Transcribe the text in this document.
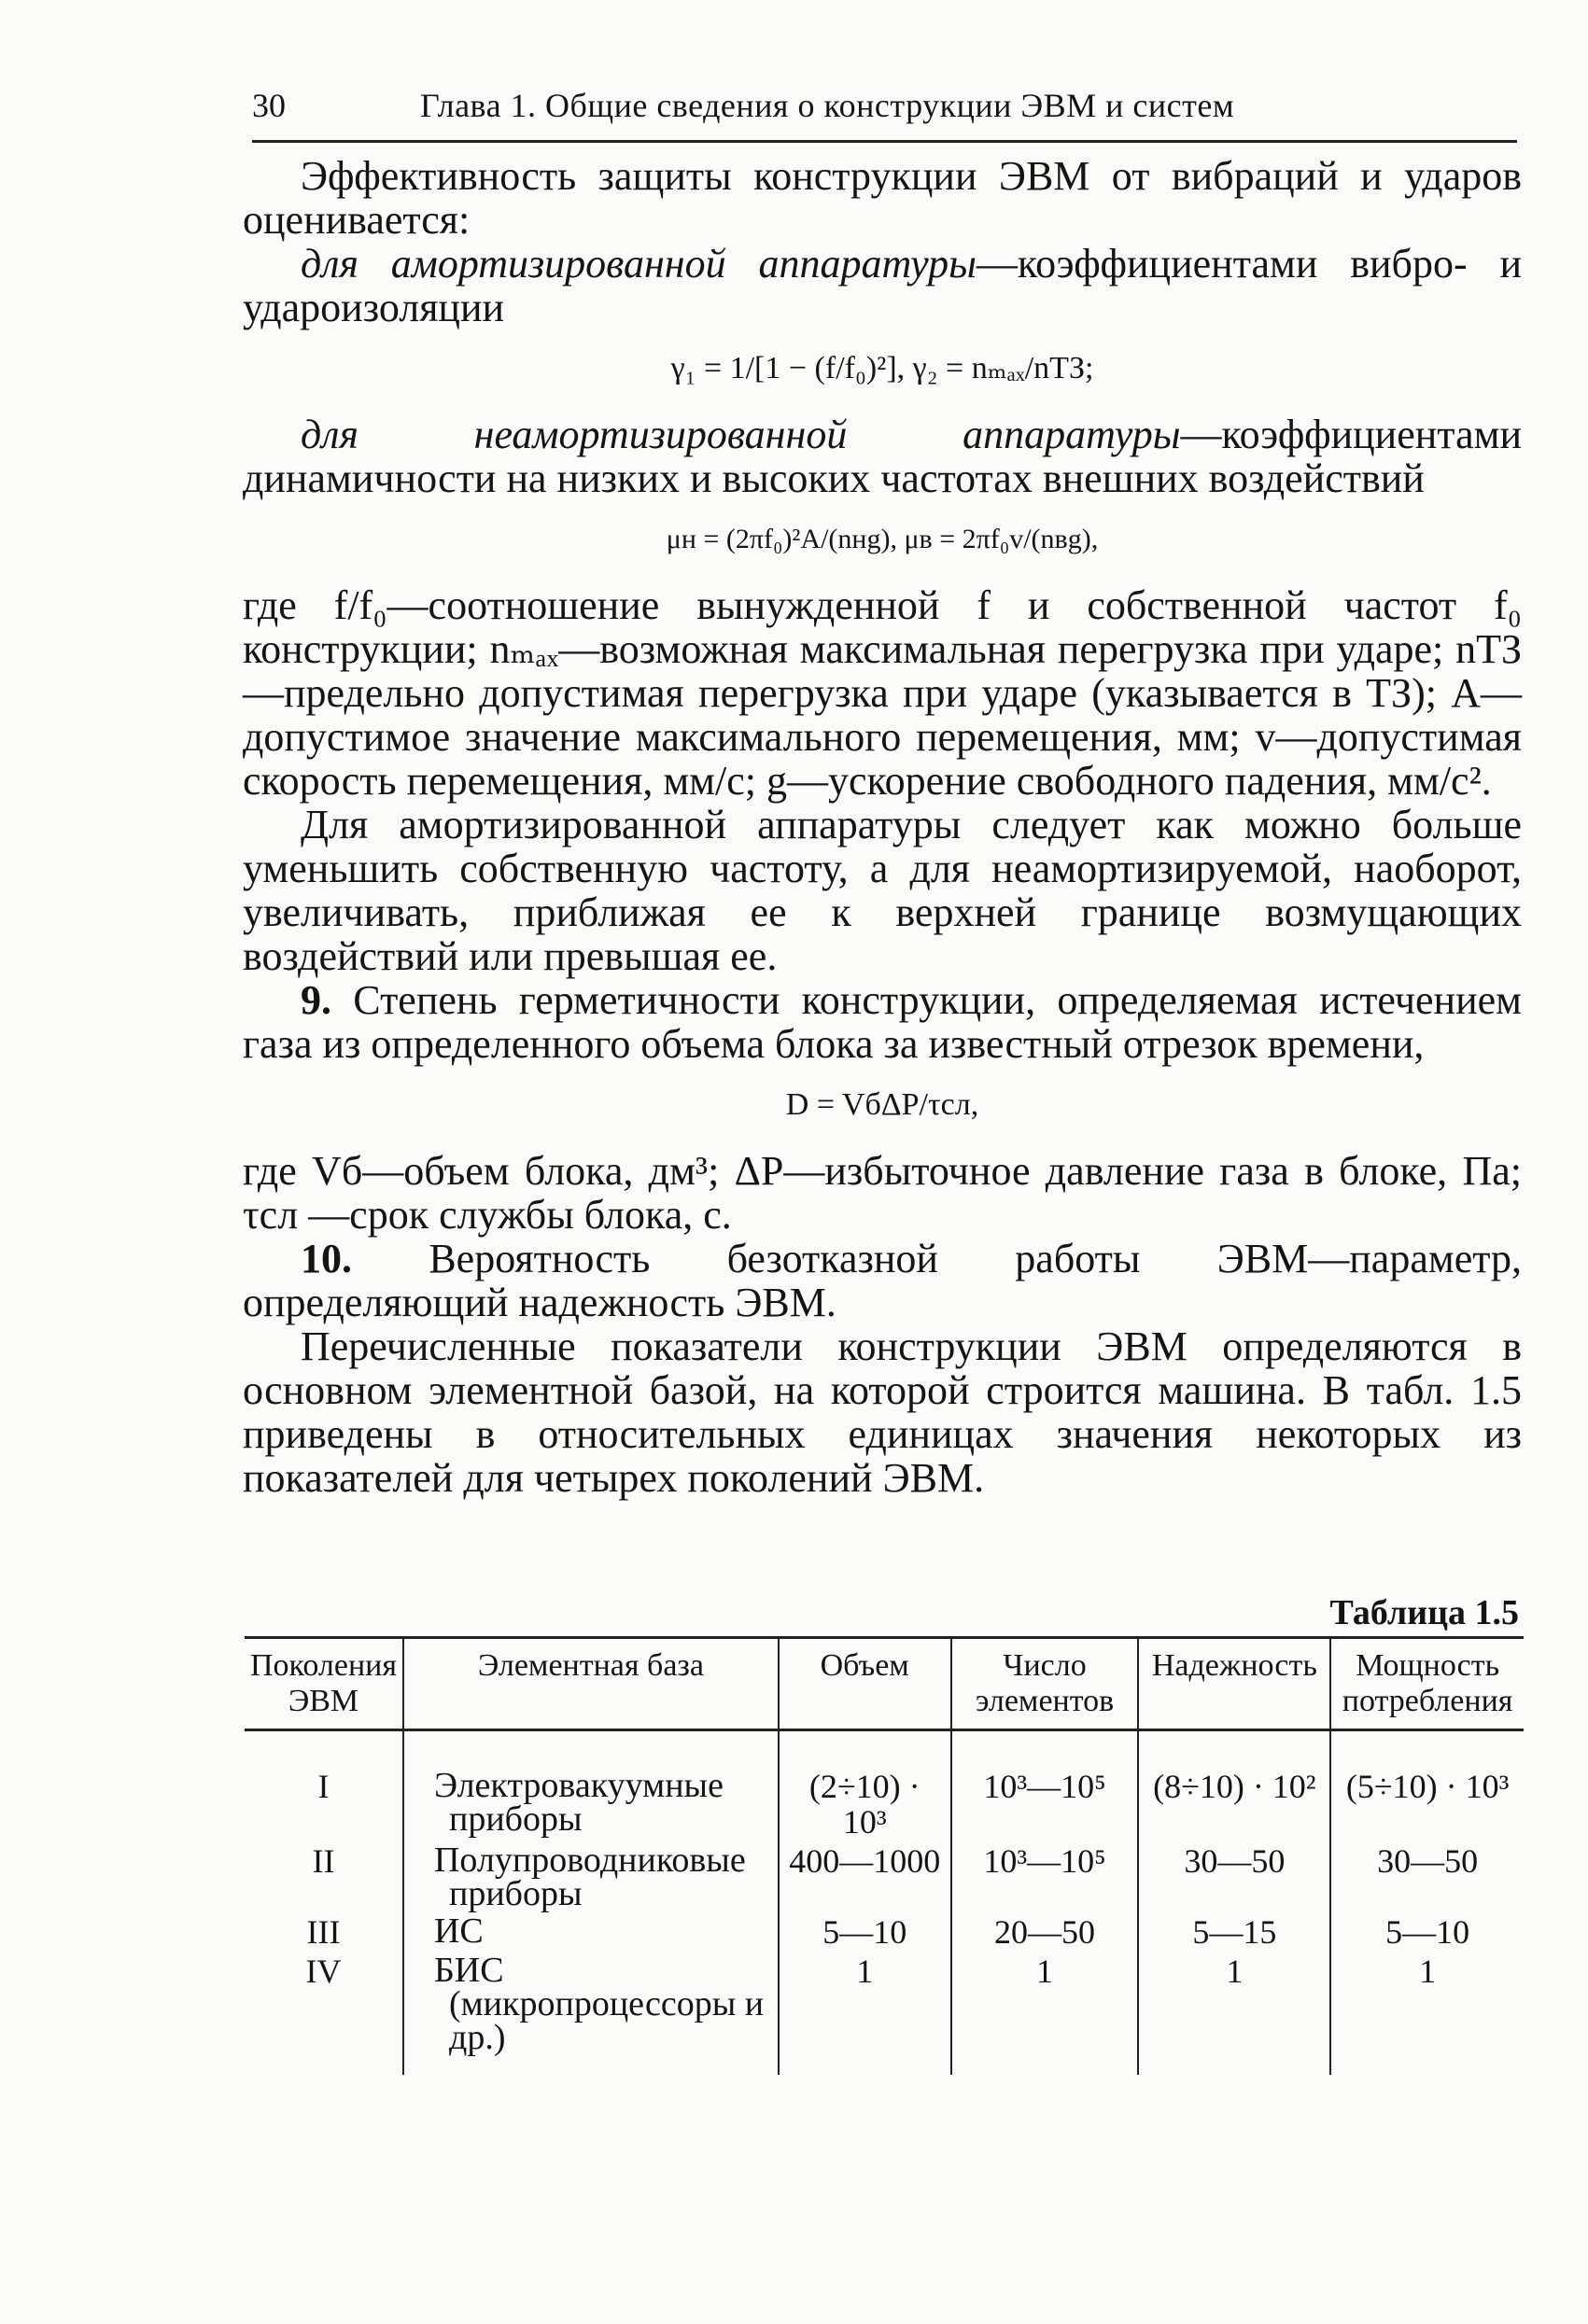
30	Глава 1. Общие сведения о конструкции ЭВМ и систем

Эффективность защиты конструкции ЭВМ от вибраций и ударов оценивается:

для амортизированной аппаратуры—коэффициентами вибро- и удароизоляции

γ₁ = 1/[1 − (f/f₀)²], γ₂ = nₘₐₓ/nТЗ;

для неамортизированной аппаратуры—коэффициентами динамичности на низких и высоких частотах внешних воздействий

μн = (2πf₀)²A/(nнg), μв = 2πf₀v/(nвg),

где f/f₀—соотношение вынужденной f и собственной частот f₀ конструкции; nₘₐₓ—возможная максимальная перегрузка при ударе; nТЗ—предельно допустимая перегрузка при ударе (указывается в ТЗ); A—допустимое значение максимального перемещения, мм; v—допустимая скорость перемещения, мм/с; g—ускорение свободного падения, мм/с².

Для амортизированной аппаратуры следует как можно больше уменьшить собственную частоту, а для неамортизируемой, наоборот, увеличивать, приближая ее к верхней границе возмущающих воздействий или превышая ее.

9. Степень герметичности конструкции, определяемая истечением газа из определенного объема блока за известный отрезок времени,

D = VбΔP/τсл,

где Vб—объем блока, дм³; ΔP—избыточное давление газа в блоке, Па; τсл —срок службы блока, с.

10. Вероятность безотказной работы ЭВМ—параметр, определяющий надежность ЭВМ.

Перечисленные показатели конструкции ЭВМ определяются в основном элементной базой, на которой строится машина. В табл. 1.5 приведены в относительных единицах значения некоторых из показателей для четырех поколений ЭВМ.

Таблица 1.5
Поколения ЭВМ	Элементная база	Объем	Число элементов	Надежность	Мощность потребления
I	Электровакуумные приборы	(2÷10) · 10³	10³—10⁵	(8÷10) · 10²	(5÷10) · 10³
II	Полупроводниковые приборы	400—1000	10³—10⁵	30—50	30—50
III	ИС	5—10	20—50	5—15	5—10
IV	БИС (микропроцессоры и др.)	1	1	1	1
